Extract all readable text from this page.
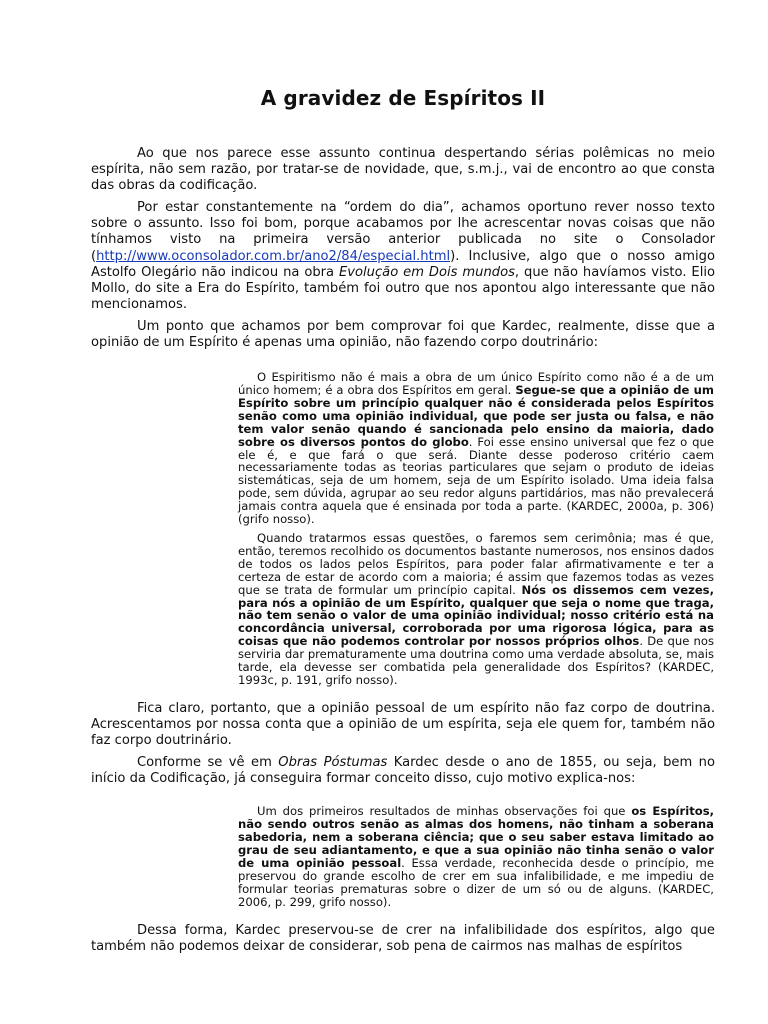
A gravidez de Espíritos II

Ao que nos parece esse assunto continua despertando sérias polêmicas no meio espírita, não sem razão, por tratar-se de novidade, que, s.m.j., vai de encontro ao que consta das obras da codificação.

Por estar constantemente na “ordem do dia”, achamos oportuno rever nosso texto sobre o assunto. Isso foi bom, porque acabamos por lhe acrescentar novas coisas que não tínhamos visto na primeira versão anterior publicada no site o Consolador (http://www.oconsolador.com.br/ano2/84/especial.html). Inclusive, algo que o nosso amigo Astolfo Olegário não indicou na obra Evolução em Dois mundos, que não havíamos visto. Elio Mollo, do site a Era do Espírito, também foi outro que nos apontou algo interessante que não mencionamos.

Um ponto que achamos por bem comprovar foi que Kardec, realmente, disse que a opinião de um Espírito é apenas uma opinião, não fazendo corpo doutrinário:

O Espiritismo não é mais a obra de um único Espírito como não é a de um único homem; é a obra dos Espíritos em geral. Segue-se que a opinião de um Espírito sobre um princípio qualquer não é considerada pelos Espíritos senão como uma opinião individual, que pode ser justa ou falsa, e não tem valor senão quando é sancionada pelo ensino da maioria, dado sobre os diversos pontos do globo. Foi esse ensino universal que fez o que ele é, e que fará o que será. Diante desse poderoso critério caem necessariamente todas as teorias particulares que sejam o produto de ideias sistemáticas, seja de um homem, seja de um Espírito isolado. Uma ideia falsa pode, sem dúvida, agrupar ao seu redor alguns partidários, mas não prevalecerá jamais contra aquela que é ensinada por toda a parte. (KARDEC, 2000a, p. 306) (grifo nosso).

Quando tratarmos essas questões, o faremos sem cerimônia; mas é que, então, teremos recolhido os documentos bastante numerosos, nos ensinos dados de todos os lados pelos Espíritos, para poder falar afirmativamente e ter a certeza de estar de acordo com a maioria; é assim que fazemos todas as vezes que se trata de formular um princípio capital. Nós os dissemos cem vezes, para nós a opinião de um Espírito, qualquer que seja o nome que traga, não tem senão o valor de uma opinião individual; nosso critério está na concordância universal, corroborada por uma rigorosa lógica, para as coisas que não podemos controlar por nossos próprios olhos. De que nos serviria dar prematuramente uma doutrina como uma verdade absoluta, se, mais tarde, ela devesse ser combatida pela generalidade dos Espíritos? (KARDEC, 1993c, p. 191, grifo nosso).

Fica claro, portanto, que a opinião pessoal de um espírito não faz corpo de doutrina. Acrescentamos por nossa conta que a opinião de um espírita, seja ele quem for, também não faz corpo doutrinário.

Conforme se vê em Obras Póstumas Kardec desde o ano de 1855, ou seja, bem no início da Codificação, já conseguira formar conceito disso, cujo motivo explica-nos:

Um dos primeiros resultados de minhas observações foi que os Espíritos, não sendo outros senão as almas dos homens, não tinham a soberana sabedoria, nem a soberana ciência; que o seu saber estava limitado ao grau de seu adiantamento, e que a sua opinião não tinha senão o valor de uma opinião pessoal. Essa verdade, reconhecida desde o princípio, me preservou do grande escolho de crer em sua infalibilidade, e me impediu de formular teorias prematuras sobre o dizer de um só ou de alguns. (KARDEC, 2006, p. 299, grifo nosso).

Dessa forma, Kardec preservou-se de crer na infalibilidade dos espíritos, algo que também não podemos deixar de considerar, sob pena de cairmos nas malhas de espíritos
